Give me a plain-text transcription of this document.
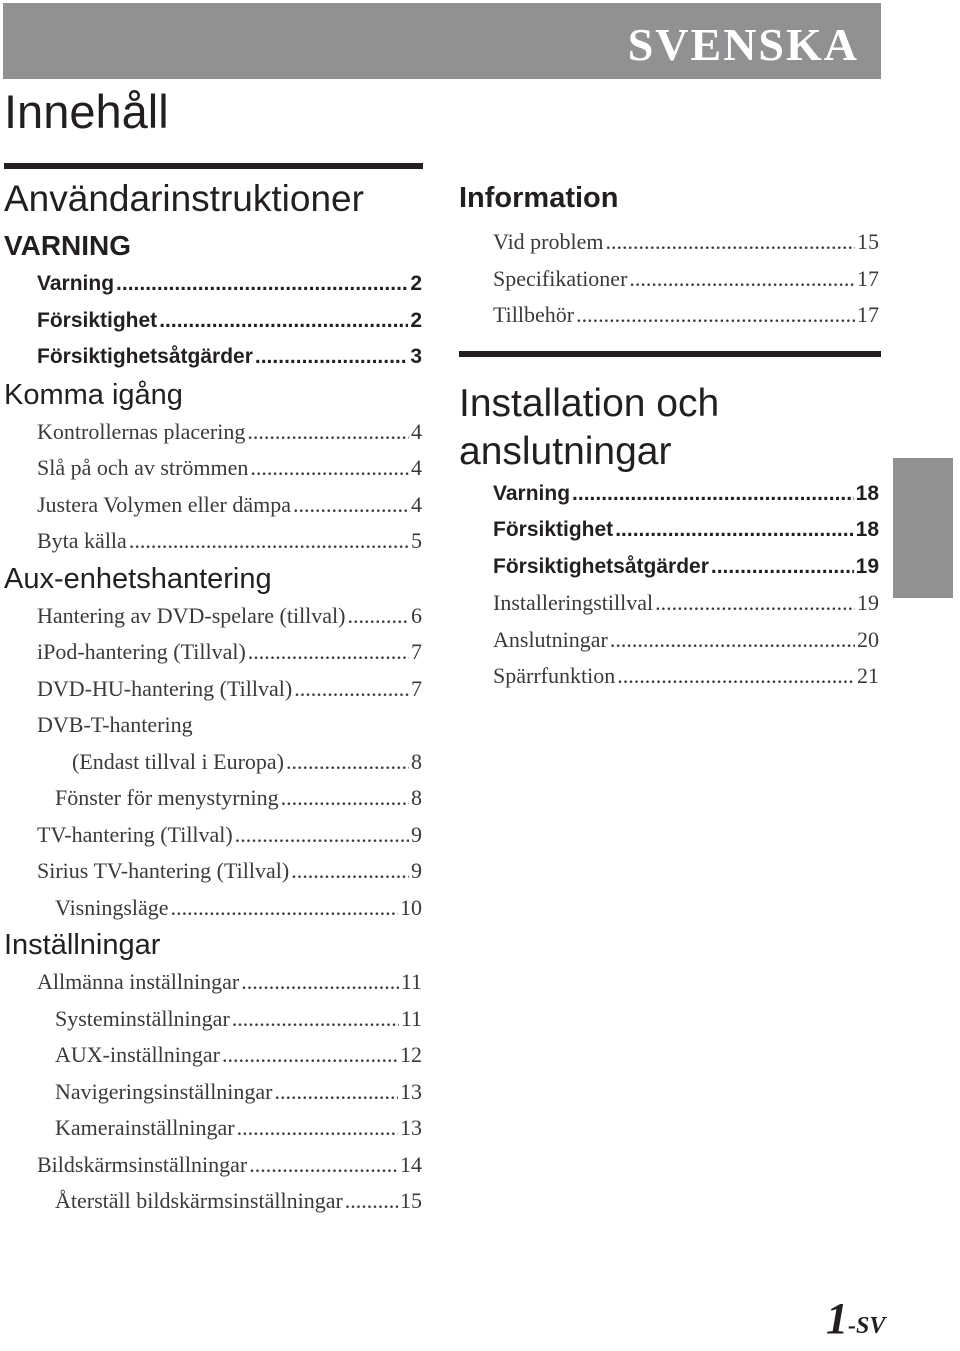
SVENSKA
Innehåll
Användarinstruktioner
VARNING
Varning .....	2
Försiktighet .....	2
Försiktighetsåtgärder .....	3
Komma igång
Kontrollernas placering .....	4
Slå på och av strömmen .....	4
Justera Volymen eller dämpa .....	4
Byta källa .....	5
Aux-enhetshantering
Hantering av DVD-spelare (tillval) .....	6
iPod-hantering (Tillval) .....	7
DVD-HU-hantering (Tillval) .....	7
DVB-T-hantering
(Endast tillval i Europa) .....	8
Fönster för menystyrning .....	8
TV-hantering (Tillval) .....	9
Sirius TV-hantering (Tillval) .....	9
Visningsläge .....	10
Inställningar
Allmänna inställningar .....	11
Systeminställningar .....	11
AUX-inställningar .....	12
Navigeringsinställningar .....	13
Kamerainställningar .....	13
Bildskärmsinställningar .....	14
Återställ bildskärmsinställningar .....	15
Information
Vid problem .....	15
Specifikationer .....	17
Tillbehör .....	17
Installation och
anslutningar
Varning .....	18
Försiktighet .....	18
Försiktighetsåtgärder .....	19
Installeringstillval .....	19
Anslutningar .....	20
Spärrfunktion .....	21
1-SV
